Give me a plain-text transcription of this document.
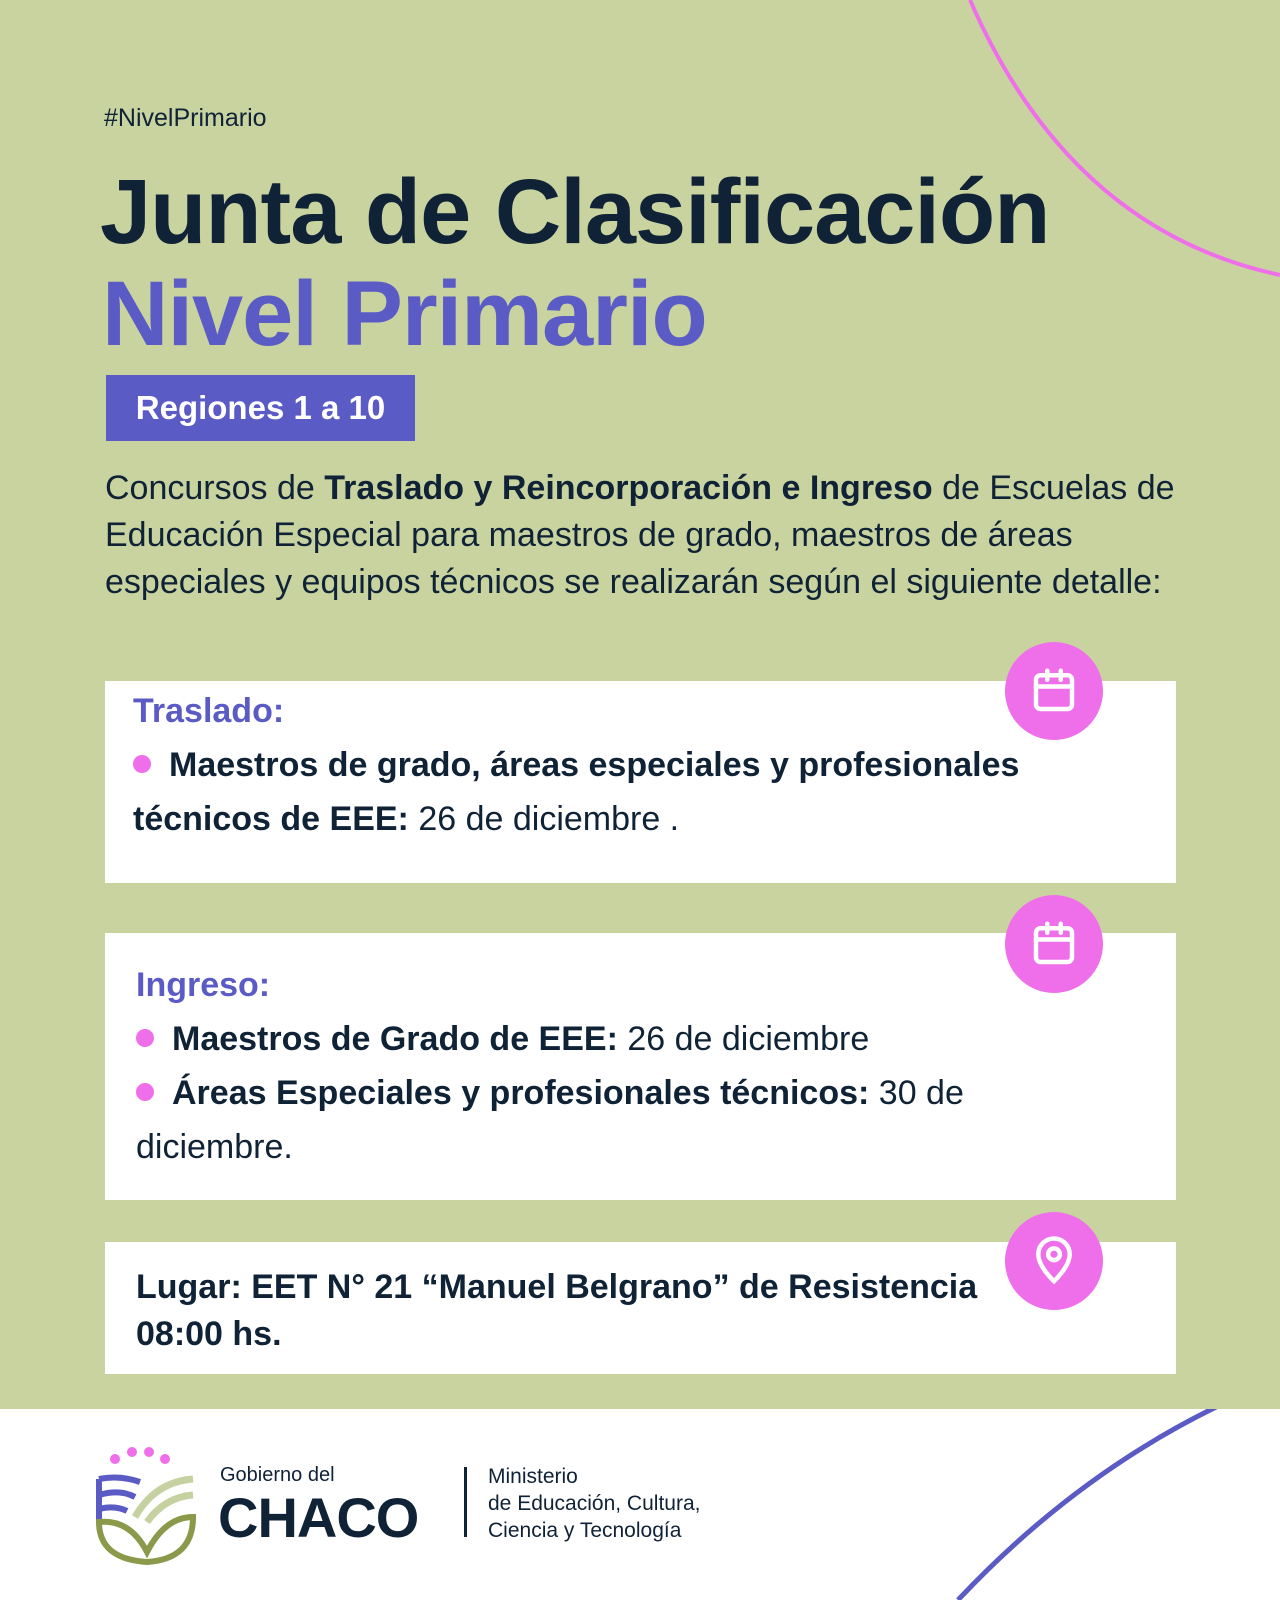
#NivelPrimario
Junta de Clasificación
Nivel Primario
Regiones 1 a 10
Concursos de Traslado y Reincorporación e Ingreso de Escuelas de Educación Especial para maestros de grado, maestros de áreas especiales y equipos técnicos se realizarán según el siguiente detalle:
Traslado:
Maestros de grado, áreas especiales y profesionales técnicos de EEE: 26 de diciembre .
Ingreso:
Maestros de Grado de EEE: 26 de diciembre
Áreas Especiales y profesionales técnicos: 30 de diciembre.
Lugar: EET N° 21 “Manuel Belgrano” de Resistencia
08:00 hs.
Gobierno del
CHACO
Ministerio
de Educación, Cultura,
Ciencia y Tecnología
